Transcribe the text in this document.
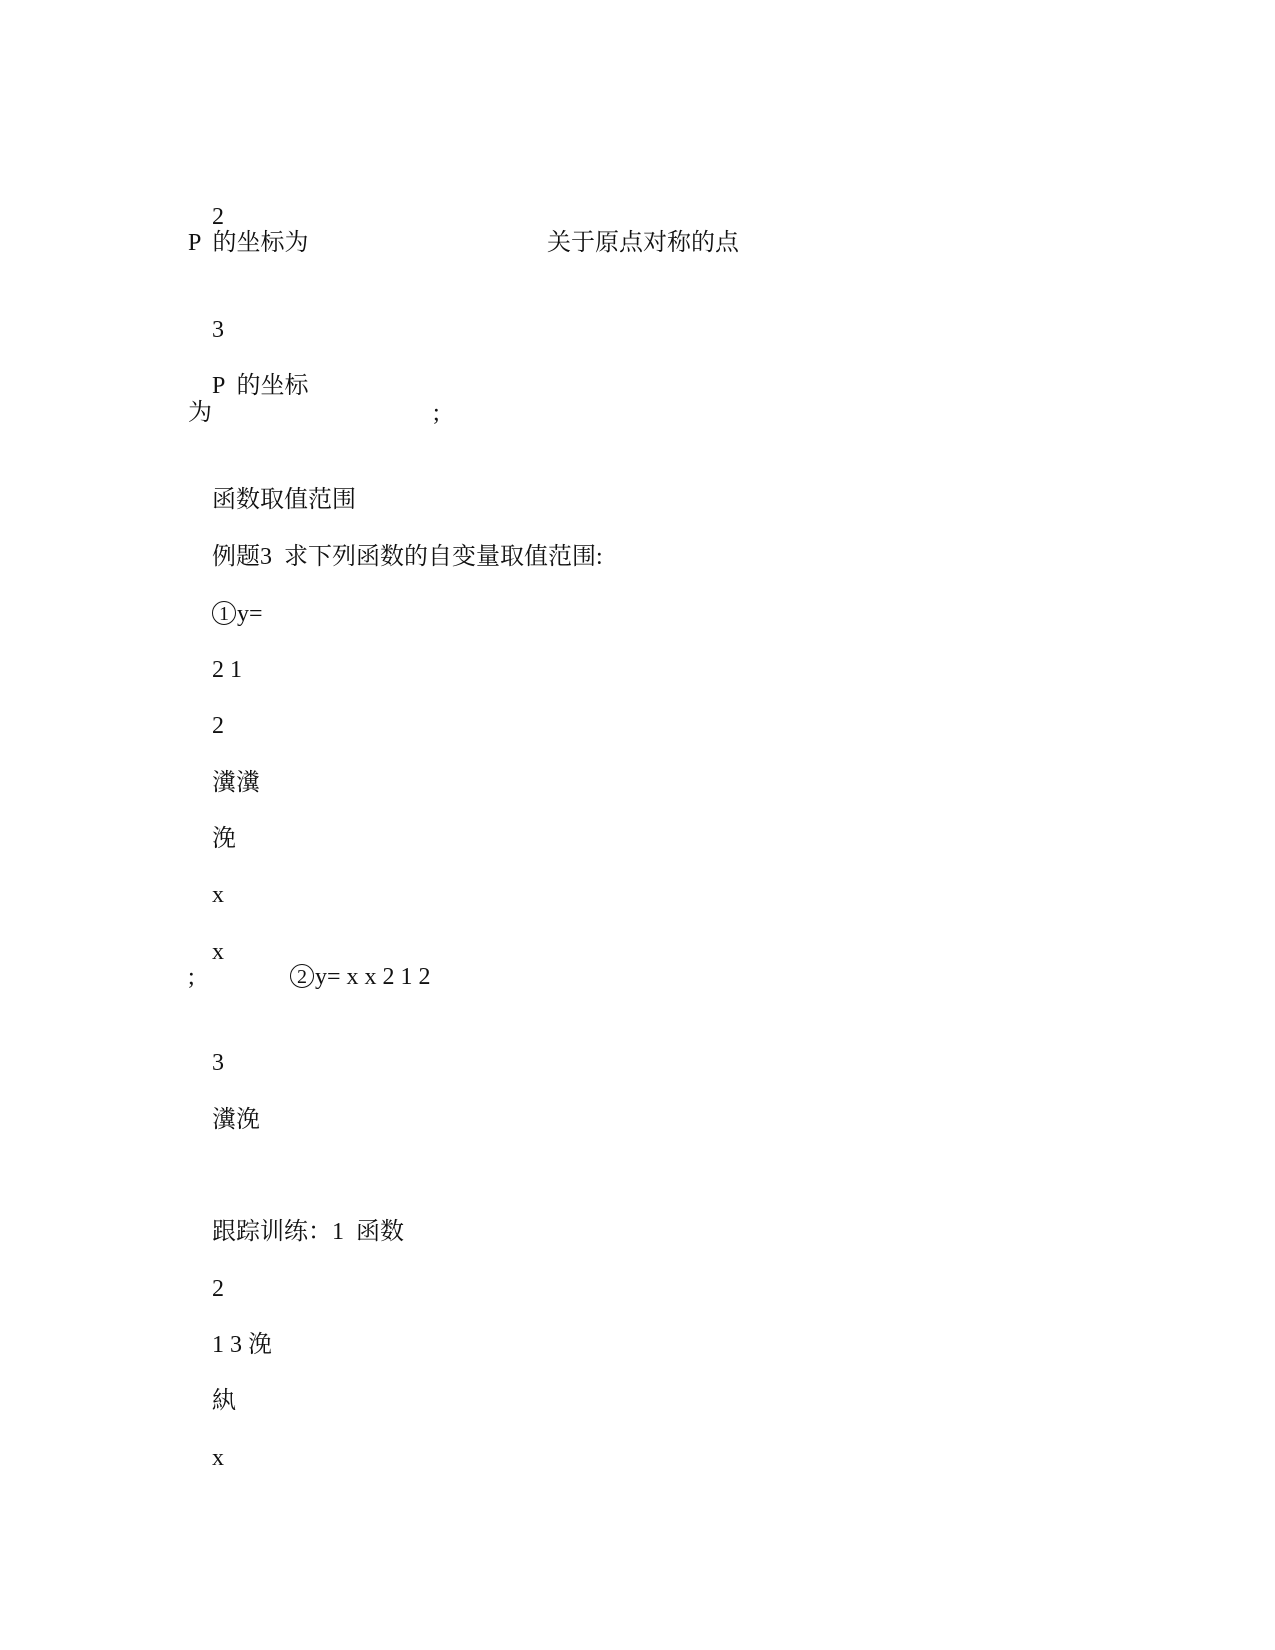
2

P  的坐标为

	关于原点对称的点

3

P  的坐标

为

	;

函数取值范围

例题3  求下列函数的自变量取值范围:

1 y=

2 1

2

瀵瀵

浼

x

x

;

	2 y= x x 2 1 2

3

瀵浼

跟踪训练：1  函数

2

1 3 浼

紈

x
